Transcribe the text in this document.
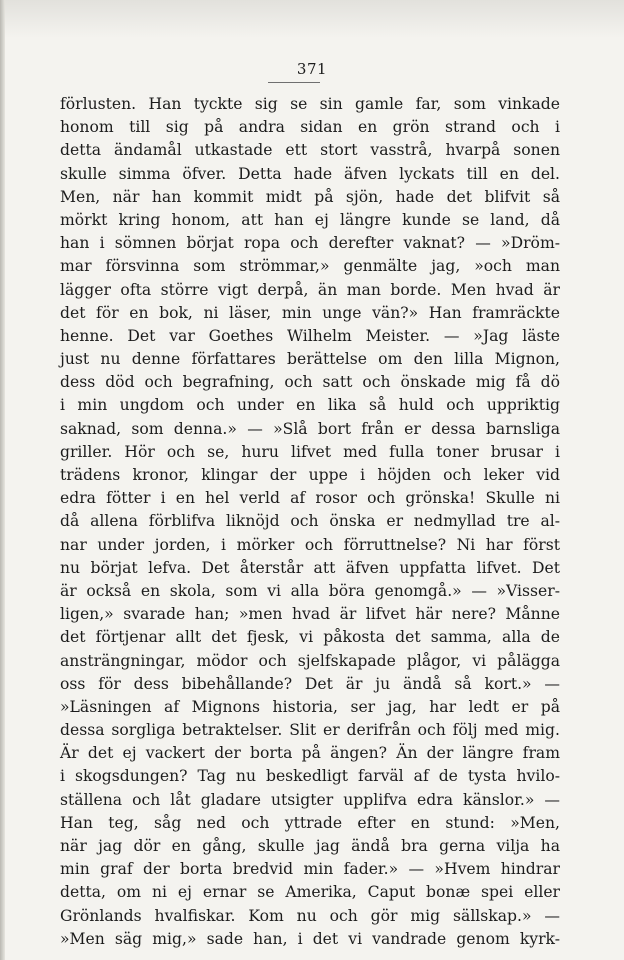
371
förlusten. Han tyckte sig se sin gamle far, som vinkade
honom till sig på andra sidan en grön strand och i
detta ändamål utkastade ett stort vasstrå, hvarpå sonen
skulle simma öfver. Detta hade äfven lyckats till en del.
Men, när han kommit midt på sjön, hade det blifvit så
mörkt kring honom, att han ej längre kunde se land, då
han i sömnen börjat ropa och derefter vaknat? — »Dröm-
mar försvinna som strömmar,» genmälte jag, »och man
lägger ofta större vigt derpå, än man borde. Men hvad är
det för en bok, ni läser, min unge vän?» Han framräckte
henne. Det var Goethes Wilhelm Meister. — »Jag läste
just nu denne författares berättelse om den lilla Mignon,
dess död och begrafning, och satt och önskade mig få dö
i min ungdom och under en lika så huld och uppriktig
saknad, som denna.» — »Slå bort från er dessa barnsliga
griller. Hör och se, huru lifvet med fulla toner brusar i
trädens kronor, klingar der uppe i höjden och leker vid
edra fötter i en hel verld af rosor och grönska! Skulle ni
då allena förblifva liknöjd och önska er nedmyllad tre al-
nar under jorden, i mörker och förruttnelse? Ni har först
nu börjat lefva. Det återstår att äfven uppfatta lifvet. Det
är också en skola, som vi alla böra genomgå.» — »Visser-
ligen,» svarade han; »men hvad är lifvet här nere? Månne
det förtjenar allt det fjesk, vi påkosta det samma, alla de
ansträngningar, mödor och sjelfskapade plågor, vi pålägga
oss för dess bibehållande? Det är ju ändå så kort.» —
»Läsningen af Mignons historia, ser jag, har ledt er på
dessa sorgliga betraktelser. Slit er derifrån och följ med mig.
Är det ej vackert der borta på ängen? Än der längre fram
i skogsdungen? Tag nu beskedligt farväl af de tysta hvilo-
ställena och låt gladare utsigter upplifva edra känslor.» —
Han teg, såg ned och yttrade efter en stund: »Men,
när jag dör en gång, skulle jag ändå bra gerna vilja ha
min graf der borta bredvid min fader.» — »Hvem hindrar
detta, om ni ej ernar se Amerika, Caput bonæ spei eller
Grönlands hvalfiskar. Kom nu och gör mig sällskap.» —
»Men säg mig,» sade han, i det vi vandrade genom kyrk-
